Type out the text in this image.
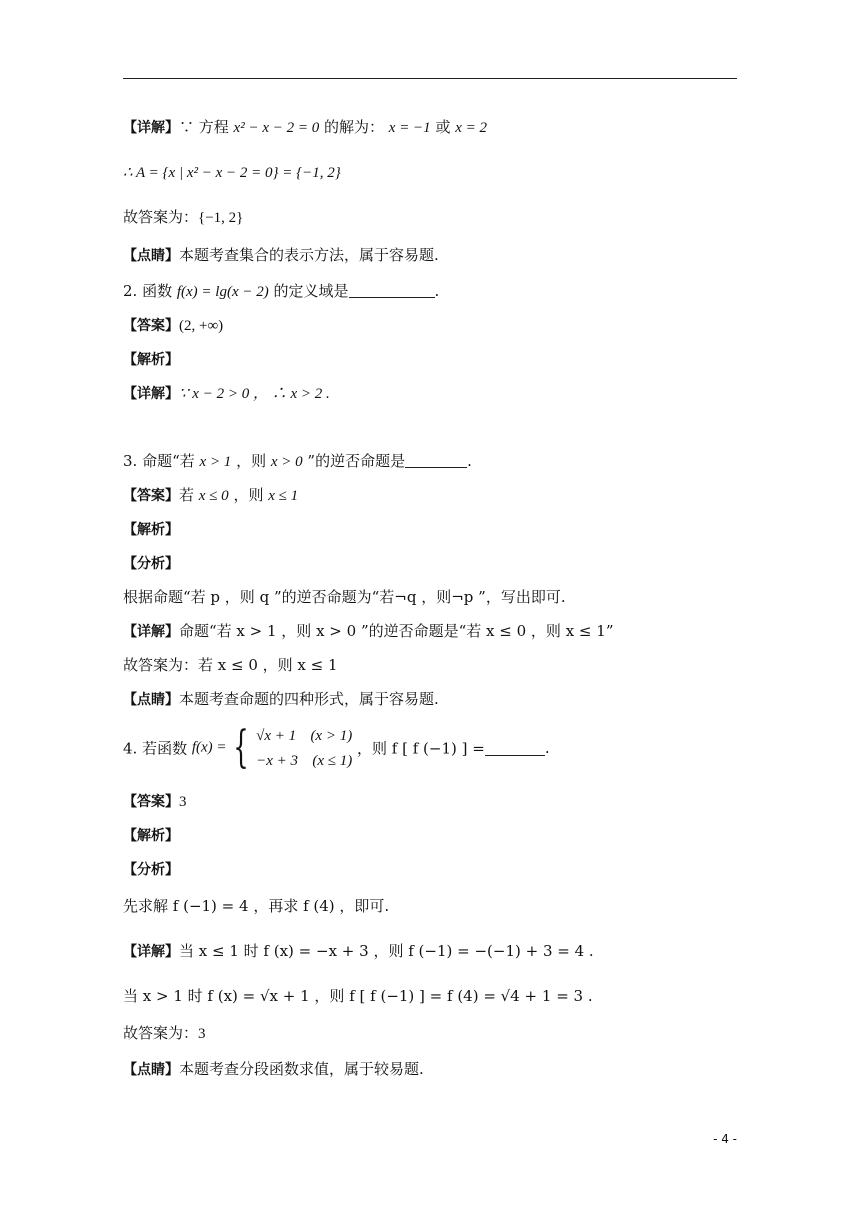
【详解】∵ 方程 x² − x − 2 = 0 的解为： x = −1 或 x = 2
∴ A = {x | x² − x − 2 = 0} = {−1, 2}
故答案为：{−1, 2}
【点睛】本题考查集合的表示方法，属于容易题.
2. 函数 f(x) = lg(x − 2) 的定义域是	.
【答案】(2, +∞)
【解析】
【详解】∵ x − 2 > 0 ， ∴ x > 2 .
3. 命题“若 x > 1 ，则 x > 0 ”的逆否命题是	.
【答案】若 x ≤ 0 ，则 x ≤ 1
【解析】
【分析】
根据命题“若 p ，则 q ”的逆否命题为“若¬q ，则¬p ”，写出即可.
【详解】命题“若 x > 1 ，则 x > 0 ”的逆否命题是“若 x ≤ 0 ，则 x ≤ 1”
故答案为：若 x ≤ 0 ，则 x ≤ 1
【点睛】本题考查命题的四种形式，属于容易题.
4. 若函数 f(x) = { √x + 1 (x > 1)
−x + 3 (x ≤ 1)
，则 f [ f (−1) ] =	.
【答案】3
【解析】
【分析】
先求解 f (−1) = 4 ，再求 f (4) ，即可.
【详解】当 x ≤ 1 时 f (x) = −x + 3 ，则 f (−1) = −(−1) + 3 = 4 .
当 x > 1 时 f (x) = √x + 1 ，则 f [ f (−1) ] = f (4) = √4 + 1 = 3 .
故答案为：3
【点睛】本题考查分段函数求值，属于较易题.
- 4 -
